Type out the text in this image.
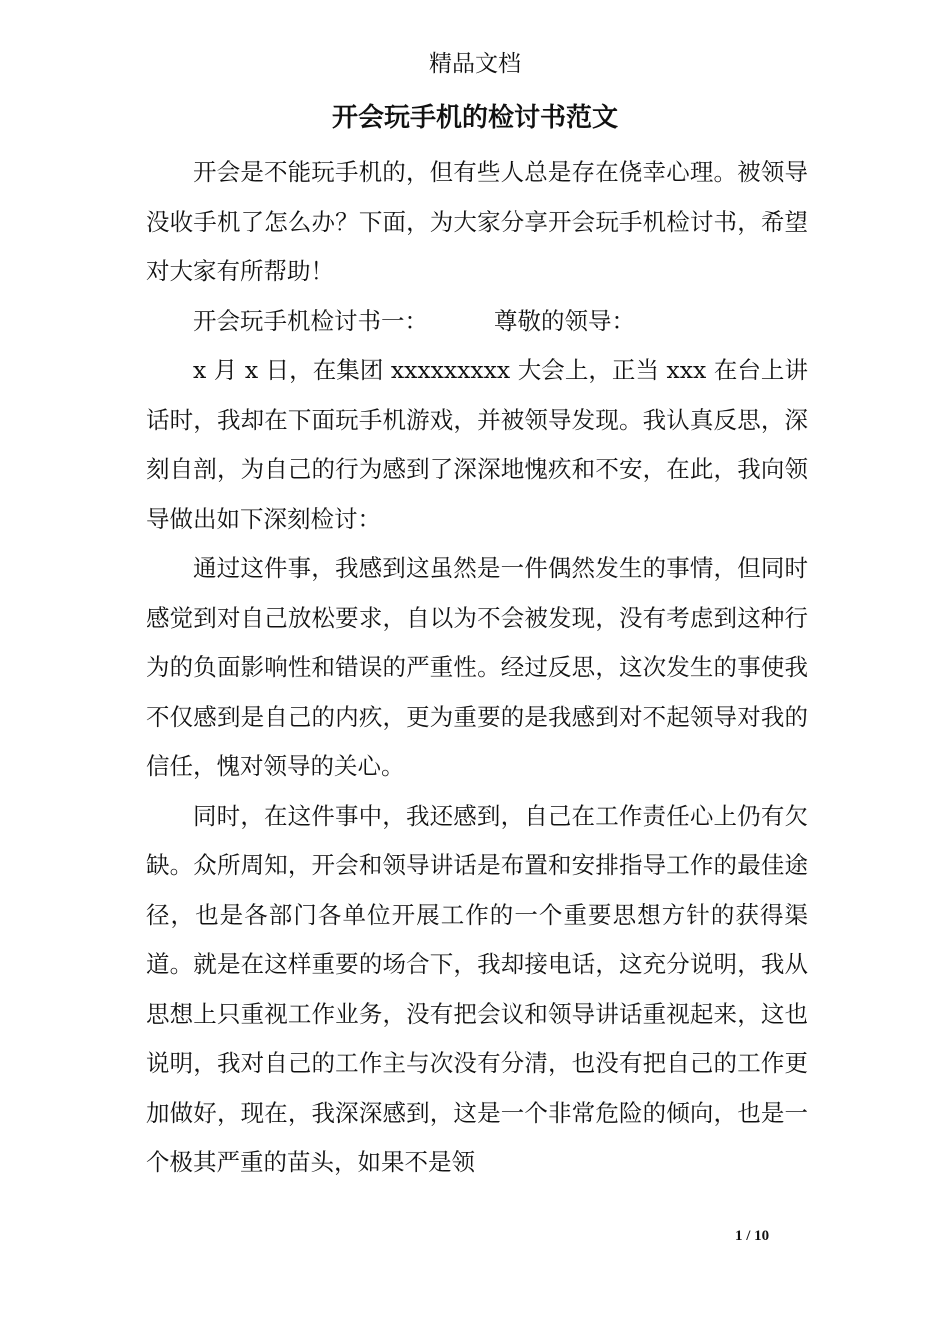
精品文档
开会玩手机的检讨书范文

开会是不能玩手机的，但有些人总是存在侥幸心理。被领导没收手机了怎么办？下面，为大家分享开会玩手机检讨书，希望对大家有所帮助！

开会玩手机检讨书一：	尊敬的领导：

x 月 x 日，在集团 xxxxxxxxx 大会上，正当 xxx 在台上讲话时，我却在下面玩手机游戏，并被领导发现。我认真反思，深刻自剖，为自己的行为感到了深深地愧疚和不安，在此，我向领导做出如下深刻检讨：

通过这件事，我感到这虽然是一件偶然发生的事情，但同时感觉到对自己放松要求，自以为不会被发现，没有考虑到这种行为的负面影响性和错误的严重性。经过反思，这次发生的事使我不仅感到是自己的内疚，更为重要的是我感到对不起领导对我的信任，愧对领导的关心。

同时，在这件事中，我还感到，自己在工作责任心上仍有欠缺。众所周知，开会和领导讲话是布置和安排指导工作的最佳途径，也是各部门各单位开展工作的一个重要思想方针的获得渠道。就是在这样重要的场合下，我却接电话，这充分说明，我从思想上只重视工作业务，没有把会议和领导讲话重视起来，这也说明，我对自己的工作主与次没有分清，也没有把自己的工作更加做好，现在，我深深感到，这是一个非常危险的倾向，也是一个极其严重的苗头，如果不是领

1 / 10
